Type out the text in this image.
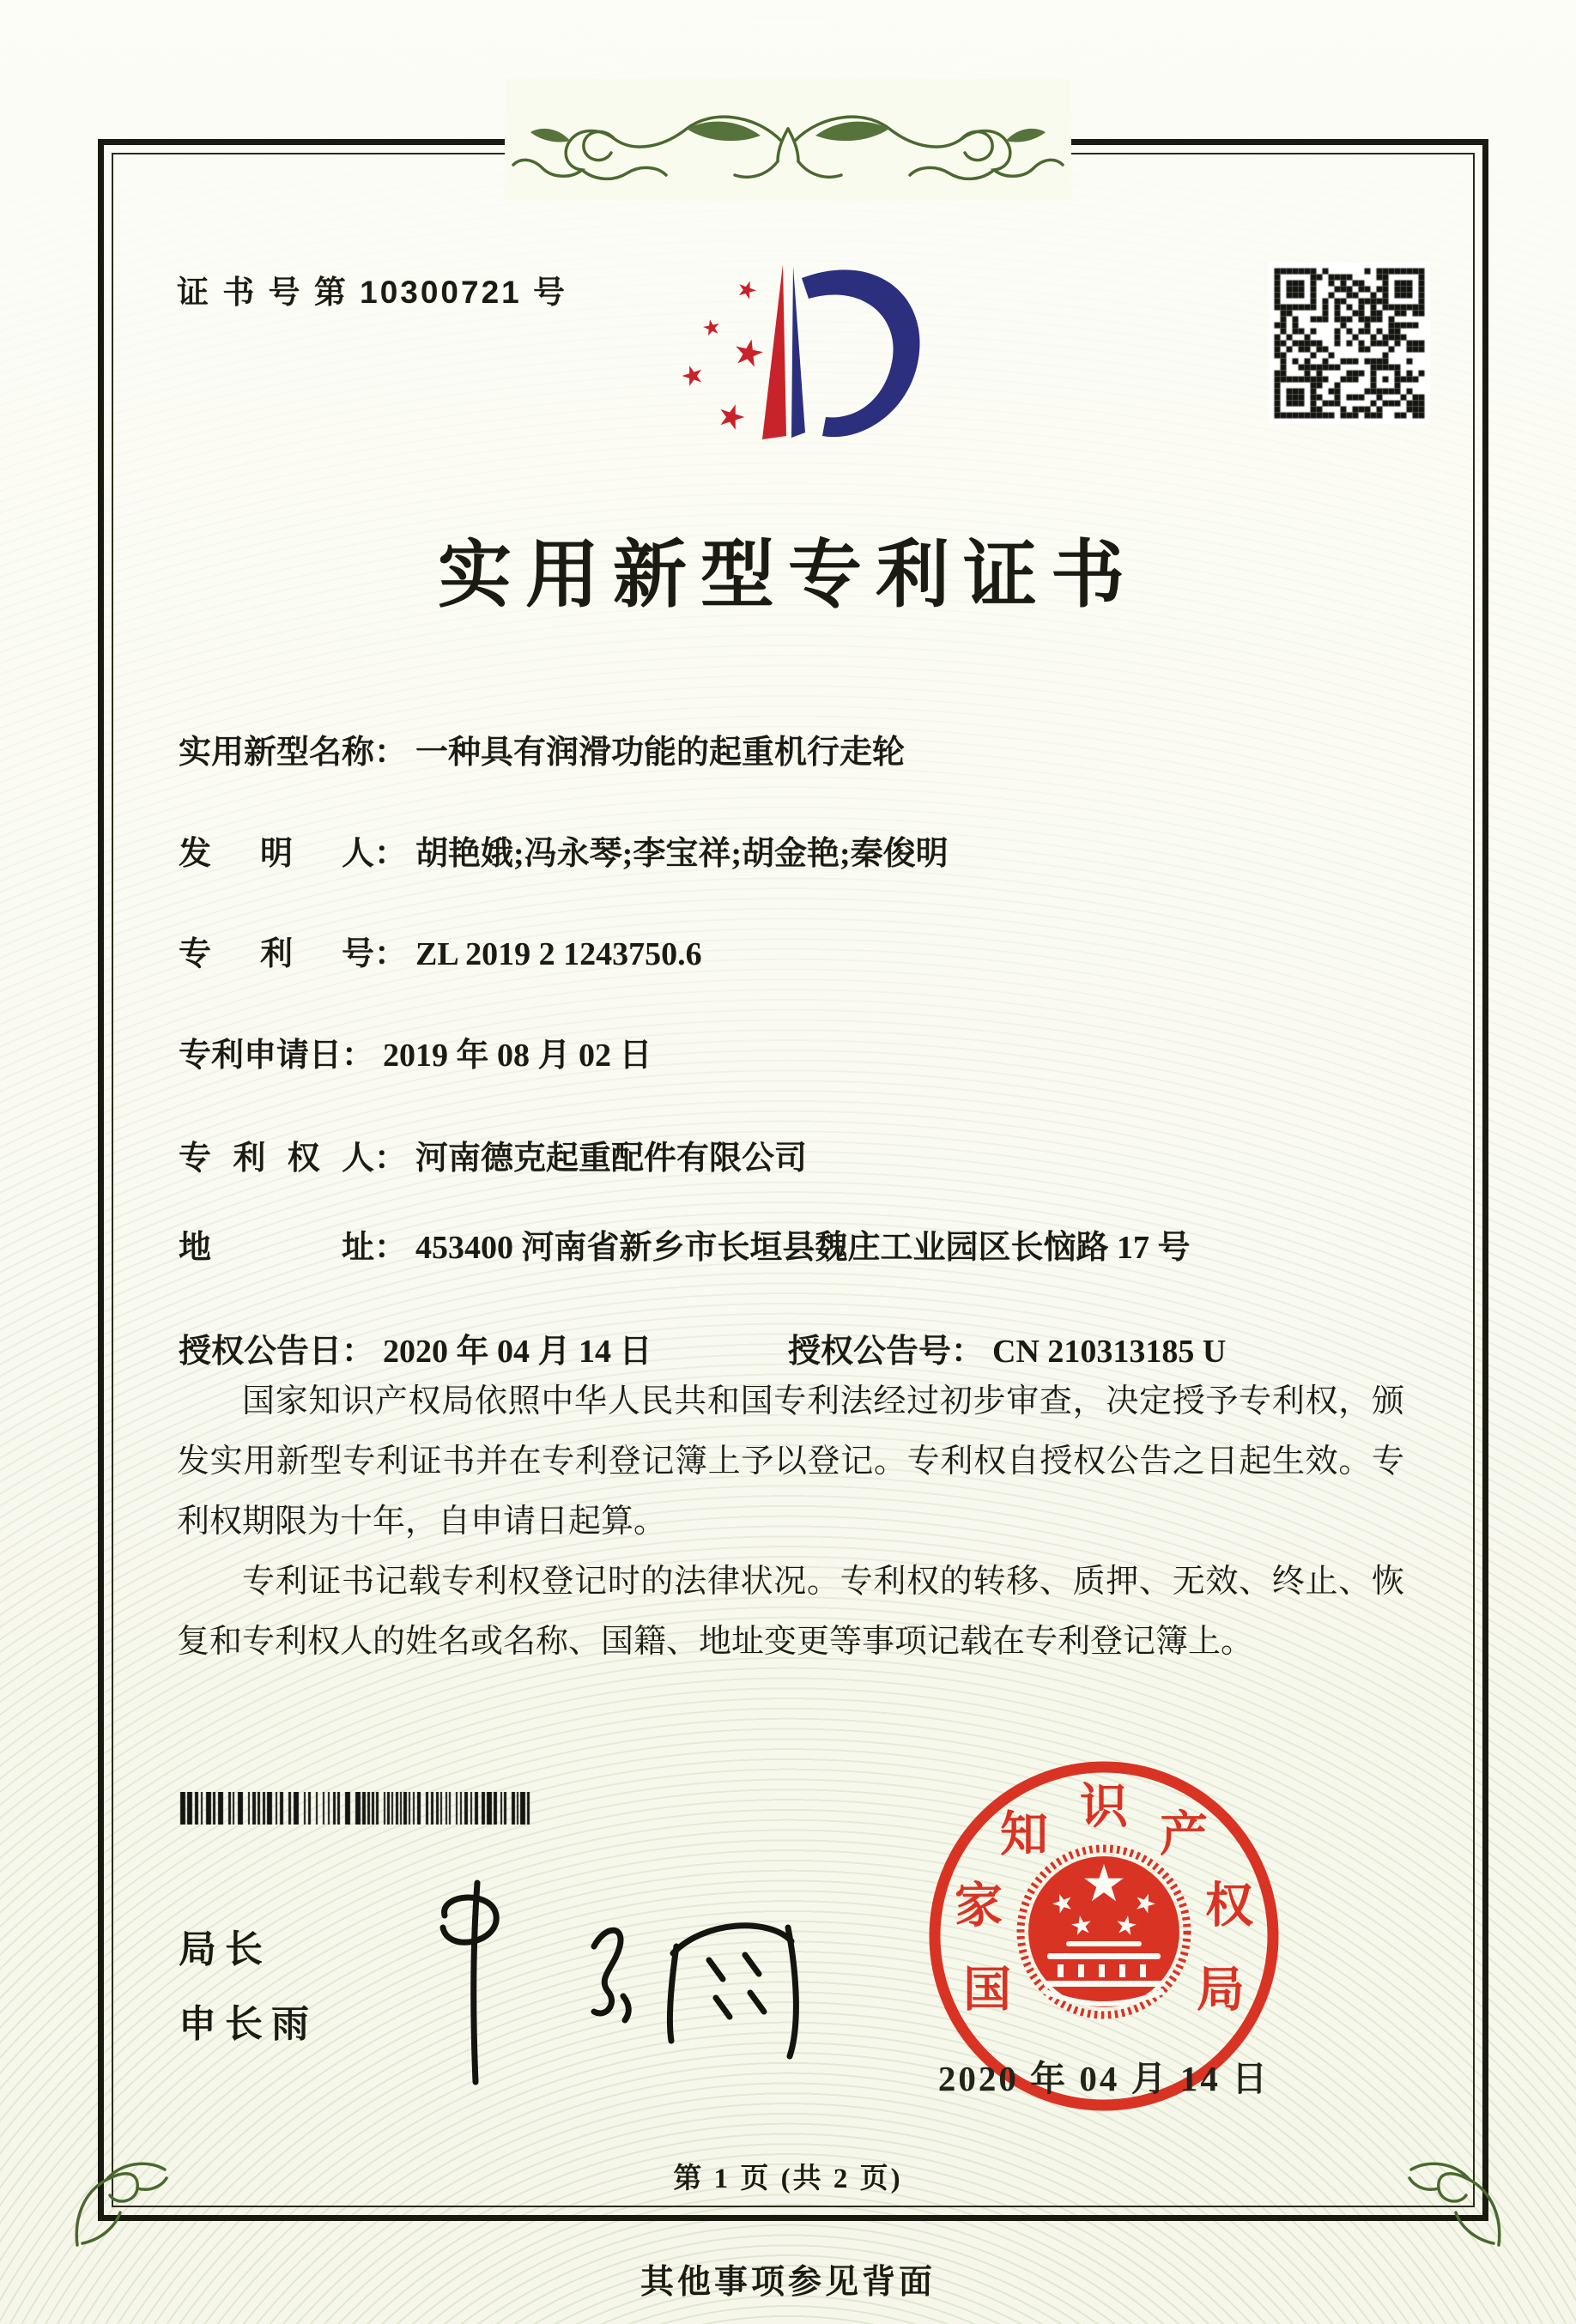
证 书 号 第 10300721 号
实用新型专利证书
实用新型名称： 一种具有润滑功能的起重机行走轮
发明人： 胡艳娥;冯永琴;李宝祥;胡金艳;秦俊明
专利号： ZL 2019 2 1243750.6
专利申请日： 2019 年 08 月 02 日
专利权人： 河南德克起重配件有限公司
地址： 453400 河南省新乡市长垣县魏庄工业园区长恼路 17 号
授权公告日： 2020 年 04 月 14 日	授权公告号： CN 210313185 U

国家知识产权局依照中华人民共和国专利法经过初步审查，决定授予专利权，颁发实用新型专利证书并在专利登记簿上予以登记。专利权自授权公告之日起生效。专利权期限为十年，自申请日起算。

专利证书记载专利权登记时的法律状况。专利权的转移、质押、无效、终止、恢复和专利权人的姓名或名称、国籍、地址变更等事项记载在专利登记簿上。

局长
申长雨
国
家
知
识
产
权
局
2020 年 04 月 14 日
第 1 页 (共 2 页)
其他事项参见背面
